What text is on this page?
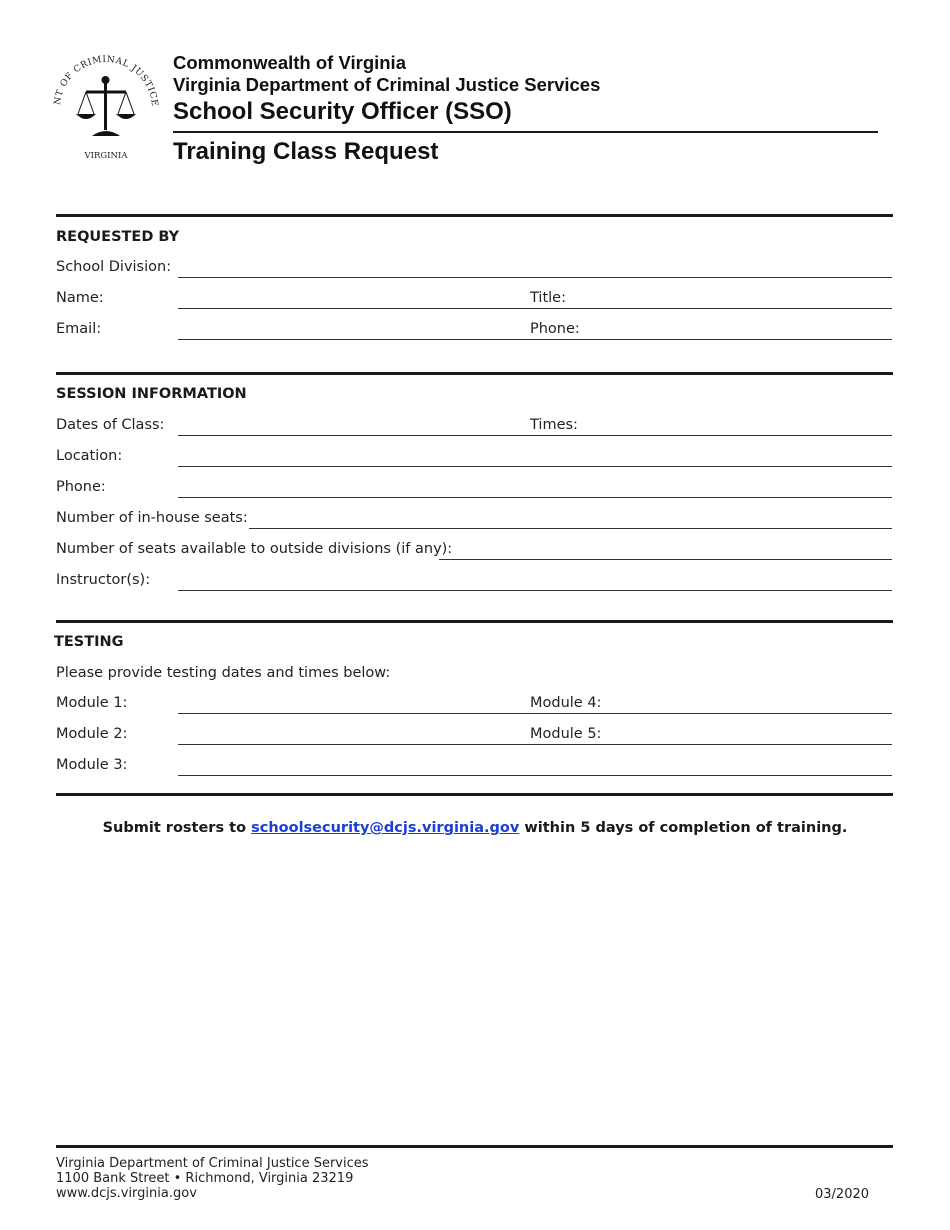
NT OF CRIMINAL JUSTICE
VIRGINIA
Commonwealth of Virginia
Virginia Department of Criminal Justice Services
School Security Officer (SSO)
Training Class Request
REQUESTED BY
School Division:
Name:	Title:
Email:	Phone:
SESSION INFORMATION
Dates of Class:	Times:
Location:
Phone:
Number of in-house seats:
Number of seats available to outside divisions (if any):
Instructor(s):
TESTING
Please provide testing dates and times below:
Module 1:	Module 4:
Module 2:	Module 5:
Module 3:
Submit rosters to schoolsecurity@dcjs.virginia.gov within 5 days of completion of training.
Virginia Department of Criminal Justice Services
1100 Bank Street • Richmond, Virginia 23219
www.dcjs.virginia.gov	03/2020
